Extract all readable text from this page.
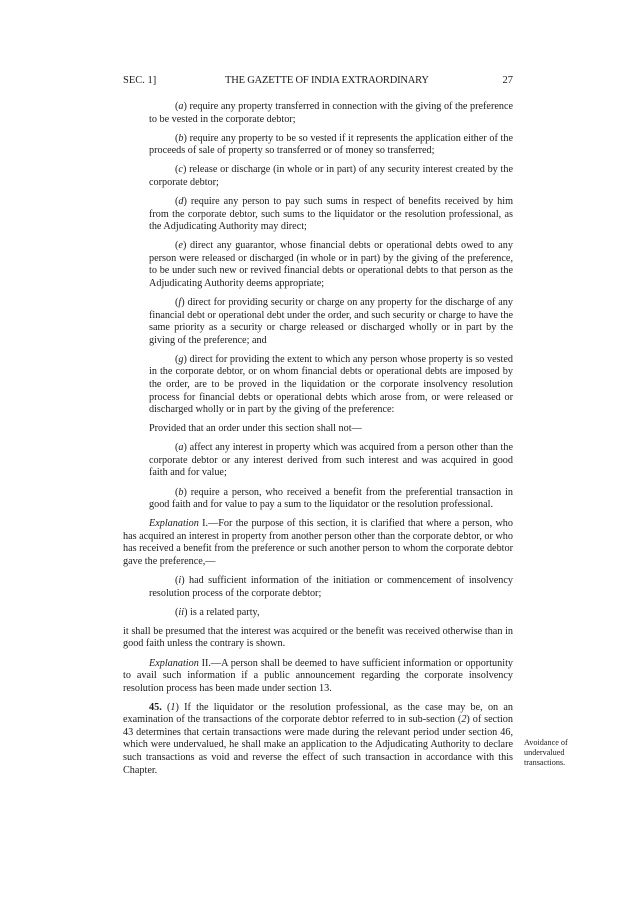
SEC. 1]	THE GAZETTE OF INDIA EXTRAORDINARY	27

(a) require any property transferred in connection with the giving of the preference to be vested in the corporate debtor;

(b) require any property to be so vested if it represents the application either of the proceeds of sale of property so transferred or of money so transferred;

(c) release or discharge (in whole or in part) of any security interest created by the corporate debtor;

(d) require any person to pay such sums in respect of benefits received by him from the corporate debtor, such sums to the liquidator or the resolution professional, as the Adjudicating Authority may direct;

(e) direct any guarantor, whose financial debts or operational debts owed to any person were released or discharged (in whole or in part) by the giving of the preference, to be under such new or revived financial debts or operational debts to that person as the Adjudicating Authority deems appropriate;

(f) direct for providing security or charge on any property for the discharge of any financial debt or operational debt under the order, and such security or charge to have the same priority as a security or charge released or discharged wholly or in part by the giving of the preference; and

(g) direct for providing the extent to which any person whose property is so vested in the corporate debtor, or on whom financial debts or operational debts are imposed by the order, are to be proved in the liquidation or the corporate insolvency resolution process for financial debts or operational debts which arose from, or were released or discharged wholly or in part by the giving of the preference:

Provided that an order under this section shall not—

(a) affect any interest in property which was acquired from a person other than the corporate debtor or any interest derived from such interest and was acquired in good faith and for value;

(b) require a person, who received a benefit from the preferential transaction in good faith and for value to pay a sum to the liquidator or the resolution professional.

Explanation I.—For the purpose of this section, it is clarified that where a person, who has acquired an interest in property from another person other than the corporate debtor, or who has received a benefit from the preference or such another person to whom the corporate debtor gave the preference,—

(i) had sufficient information of the initiation or commencement of insolvency resolution process of the corporate debtor;

(ii) is a related party,

it shall be presumed that the interest was acquired or the benefit was received otherwise than in good faith unless the contrary is shown.

Explanation II.—A person shall be deemed to have sufficient information or opportunity to avail such information if a public announcement regarding the corporate insolvency resolution process has been made under section 13.

45. (1) If the liquidator or the resolution professional, as the case may be, on an examination of the transactions of the corporate debtor referred to in sub-section (2) of section 43 determines that certain transactions were made during the relevant period under section 46, which were undervalued, he shall make an application to the Adjudicating Authority to declare such transactions as void and reverse the effect of such transaction in accordance with this Chapter.

Avoidance of undervalued transactions.
